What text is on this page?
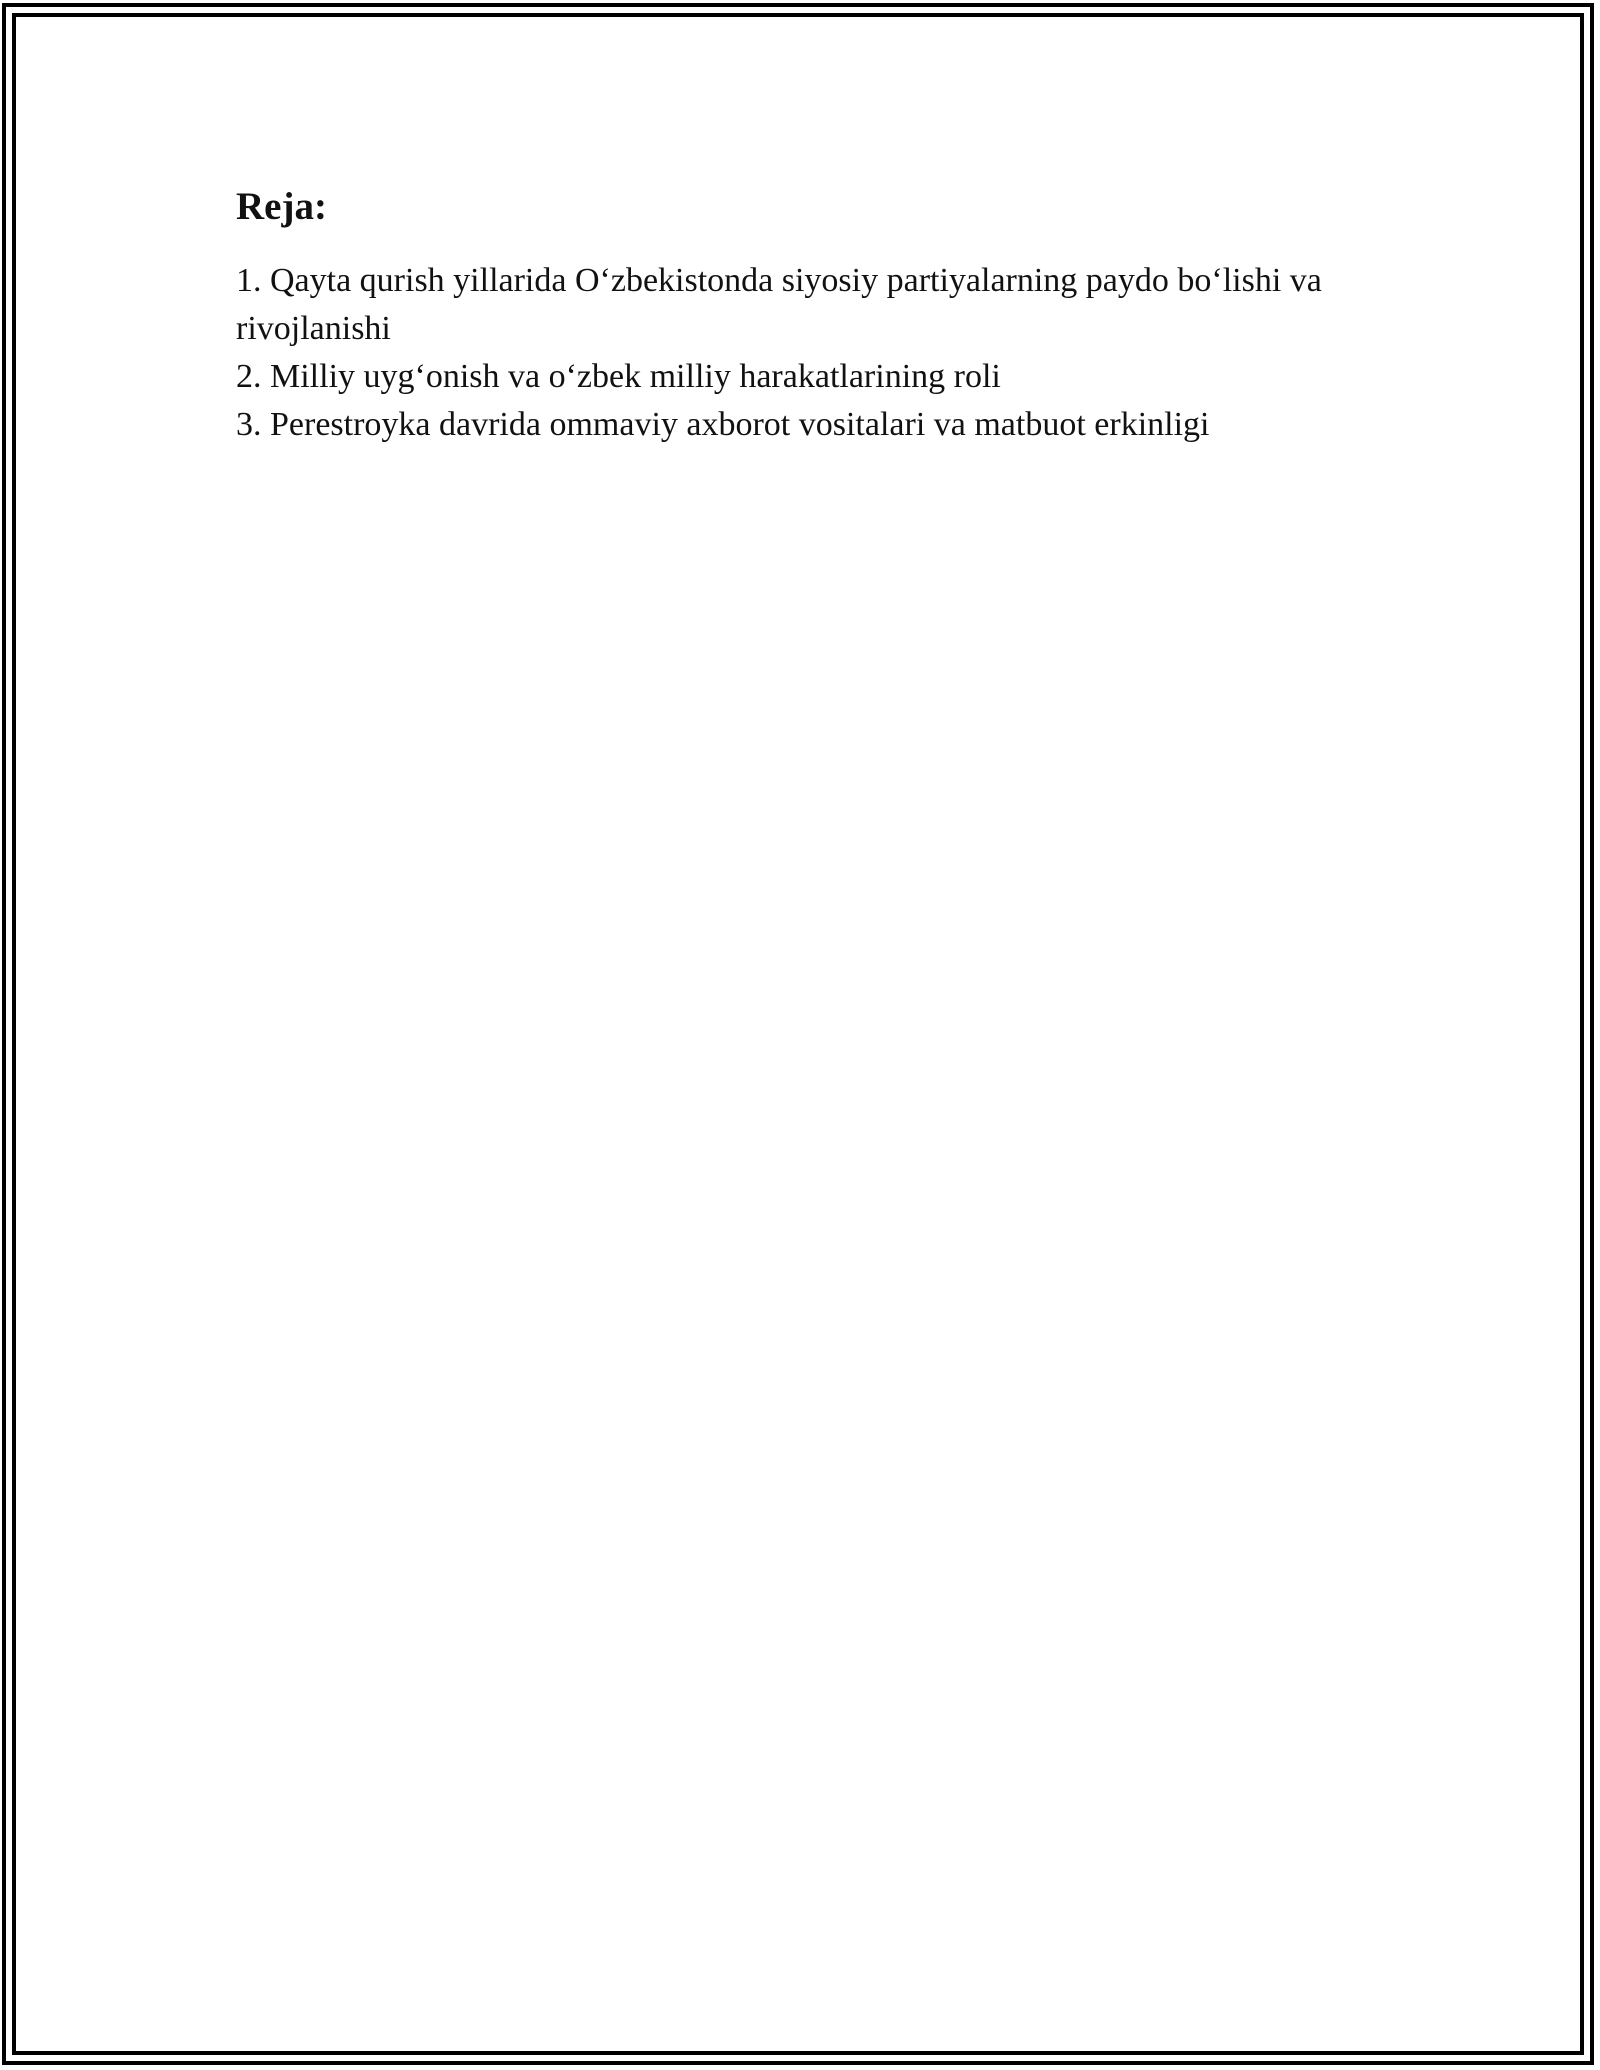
Reja:
1. Qayta qurish yillarida O‘zbekistonda siyosiy partiyalarning paydo bo‘lishi va rivojlanishi
2. Milliy uyg‘onish va o‘zbek milliy harakatlarining roli
3. Perestroyka davrida ommaviy axborot vositalari va matbuot erkinligi
